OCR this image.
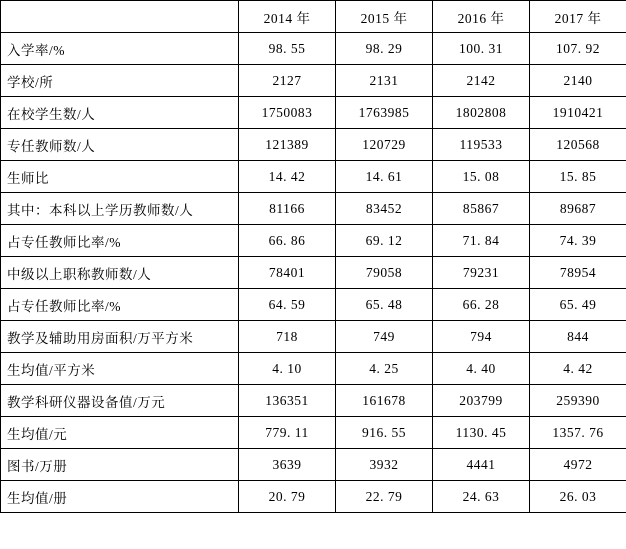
	2014 年	2015 年	2016 年	2017 年
入学率/%	98. 55	98. 29	100. 31	107. 92
学校/所	2127	2131	2142	2140
在校学生数/人	1750083	1763985	1802808	1910421
专任教师数/人	121389	120729	119533	120568
生师比	14. 42	14. 61	15. 08	15. 85
其中：本科以上学历教师数/人	81166	83452	85867	89687
占专任教师比率/%	66. 86	69. 12	71. 84	74. 39
中级以上职称教师数/人	78401	79058	79231	78954
占专任教师比率/%	64. 59	65. 48	66. 28	65. 49
教学及辅助用房面积/万平方米	718	749	794	844
生均值/平方米	4. 10	4. 25	4. 40	4. 42
教学科研仪器设备值/万元	136351	161678	203799	259390
生均值/元	779. 11	916. 55	1130. 45	1357. 76
图书/万册	3639	3932	4441	4972
生均值/册	20. 79	22. 79	24. 63	26. 03
